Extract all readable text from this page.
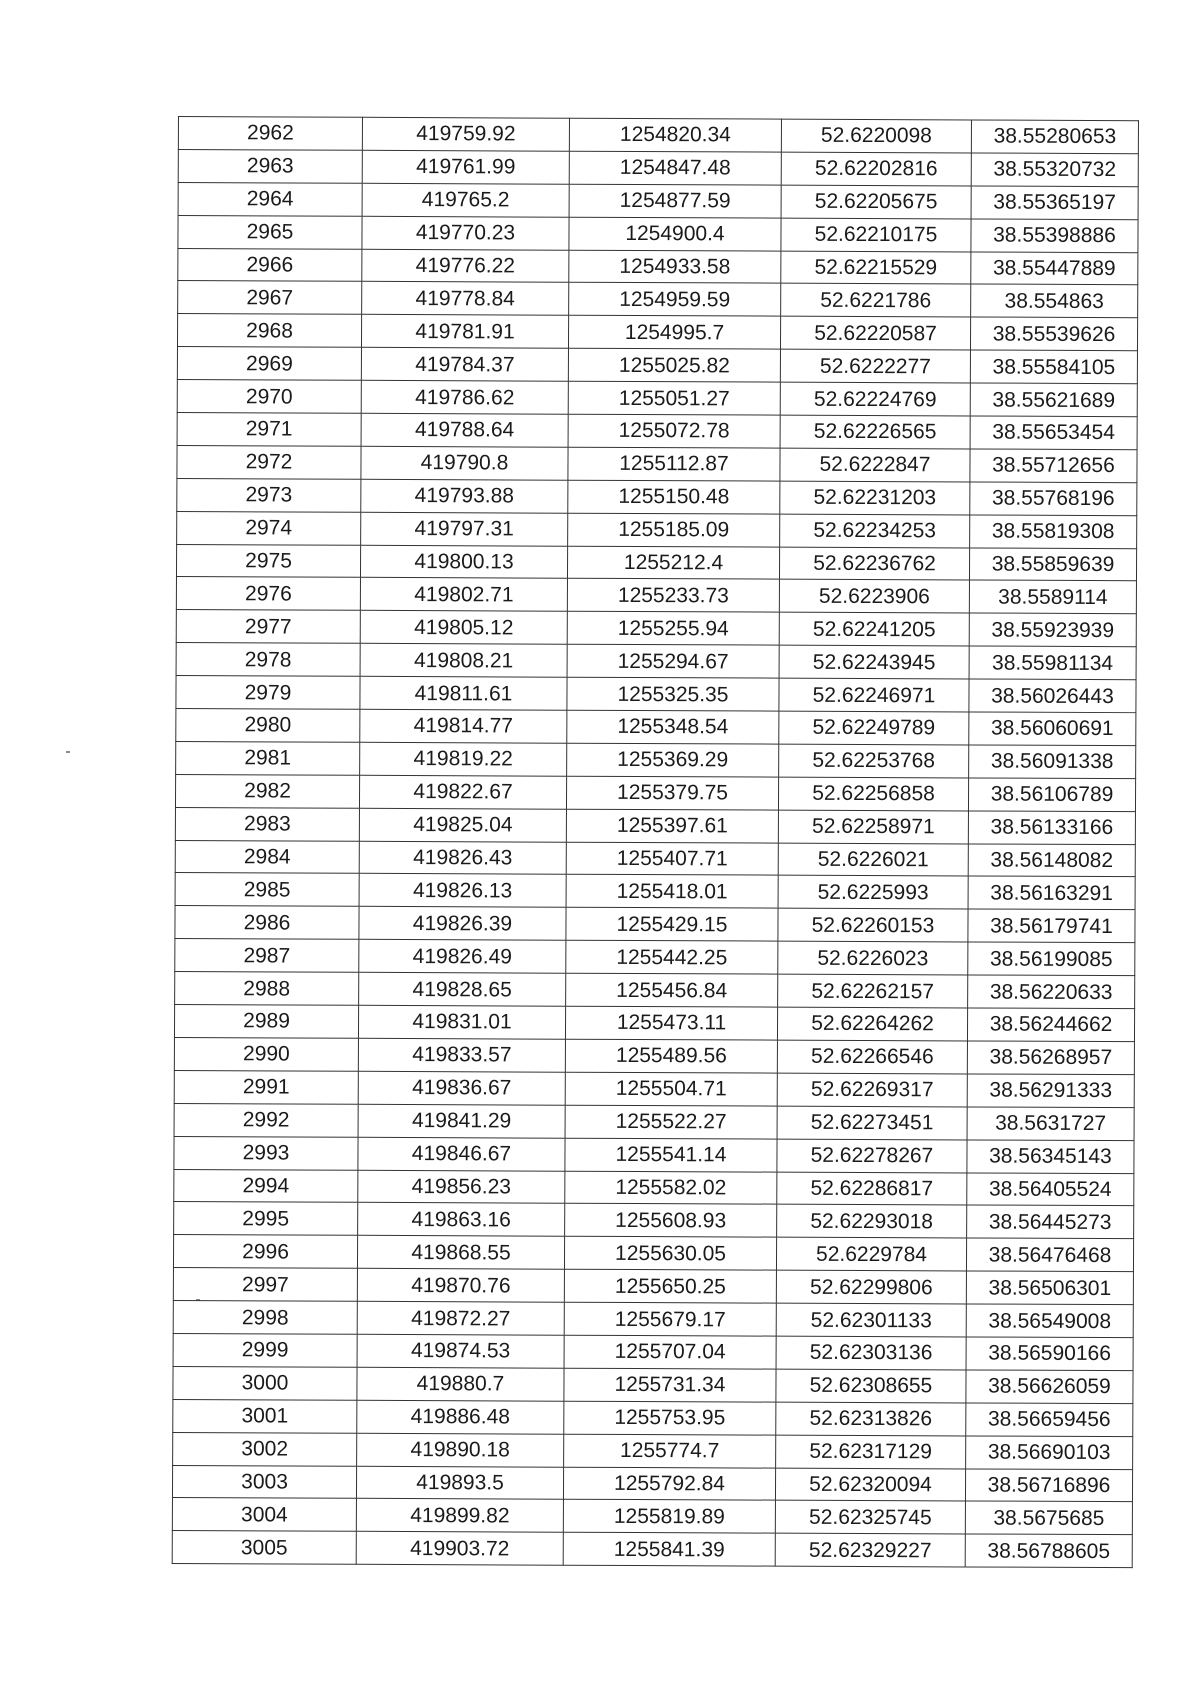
2962	419759.92	1254820.34	52.6220098	38.55280653
2963	419761.99	1254847.48	52.62202816	38.55320732
2964	419765.2	1254877.59	52.62205675	38.55365197
2965	419770.23	1254900.4	52.62210175	38.55398886
2966	419776.22	1254933.58	52.62215529	38.55447889
2967	419778.84	1254959.59	52.6221786	38.554863
2968	419781.91	1254995.7	52.62220587	38.55539626
2969	419784.37	1255025.82	52.6222277	38.55584105
2970	419786.62	1255051.27	52.62224769	38.55621689
2971	419788.64	1255072.78	52.62226565	38.55653454
2972	419790.8	1255112.87	52.6222847	38.55712656
2973	419793.88	1255150.48	52.62231203	38.55768196
2974	419797.31	1255185.09	52.62234253	38.55819308
2975	419800.13	1255212.4	52.62236762	38.55859639
2976	419802.71	1255233.73	52.6223906	38.5589114
2977	419805.12	1255255.94	52.62241205	38.55923939
2978	419808.21	1255294.67	52.62243945	38.55981134
2979	419811.61	1255325.35	52.62246971	38.56026443
2980	419814.77	1255348.54	52.62249789	38.56060691
2981	419819.22	1255369.29	52.62253768	38.56091338
2982	419822.67	1255379.75	52.62256858	38.56106789
2983	419825.04	1255397.61	52.62258971	38.56133166
2984	419826.43	1255407.71	52.6226021	38.56148082
2985	419826.13	1255418.01	52.6225993	38.56163291
2986	419826.39	1255429.15	52.62260153	38.56179741
2987	419826.49	1255442.25	52.6226023	38.56199085
2988	419828.65	1255456.84	52.62262157	38.56220633
2989	419831.01	1255473.11	52.62264262	38.56244662
2990	419833.57	1255489.56	52.62266546	38.56268957
2991	419836.67	1255504.71	52.62269317	38.56291333
2992	419841.29	1255522.27	52.62273451	38.5631727
2993	419846.67	1255541.14	52.62278267	38.56345143
2994	419856.23	1255582.02	52.62286817	38.56405524
2995	419863.16	1255608.93	52.62293018	38.56445273
2996	419868.55	1255630.05	52.6229784	38.56476468
2997	419870.76	1255650.25	52.62299806	38.56506301
2998	419872.27	1255679.17	52.62301133	38.56549008
2999	419874.53	1255707.04	52.62303136	38.56590166
3000	419880.7	1255731.34	52.62308655	38.56626059
3001	419886.48	1255753.95	52.62313826	38.56659456
3002	419890.18	1255774.7	52.62317129	38.56690103
3003	419893.5	1255792.84	52.62320094	38.56716896
3004	419899.82	1255819.89	52.62325745	38.5675685
3005	419903.72	1255841.39	52.62329227	38.56788605
